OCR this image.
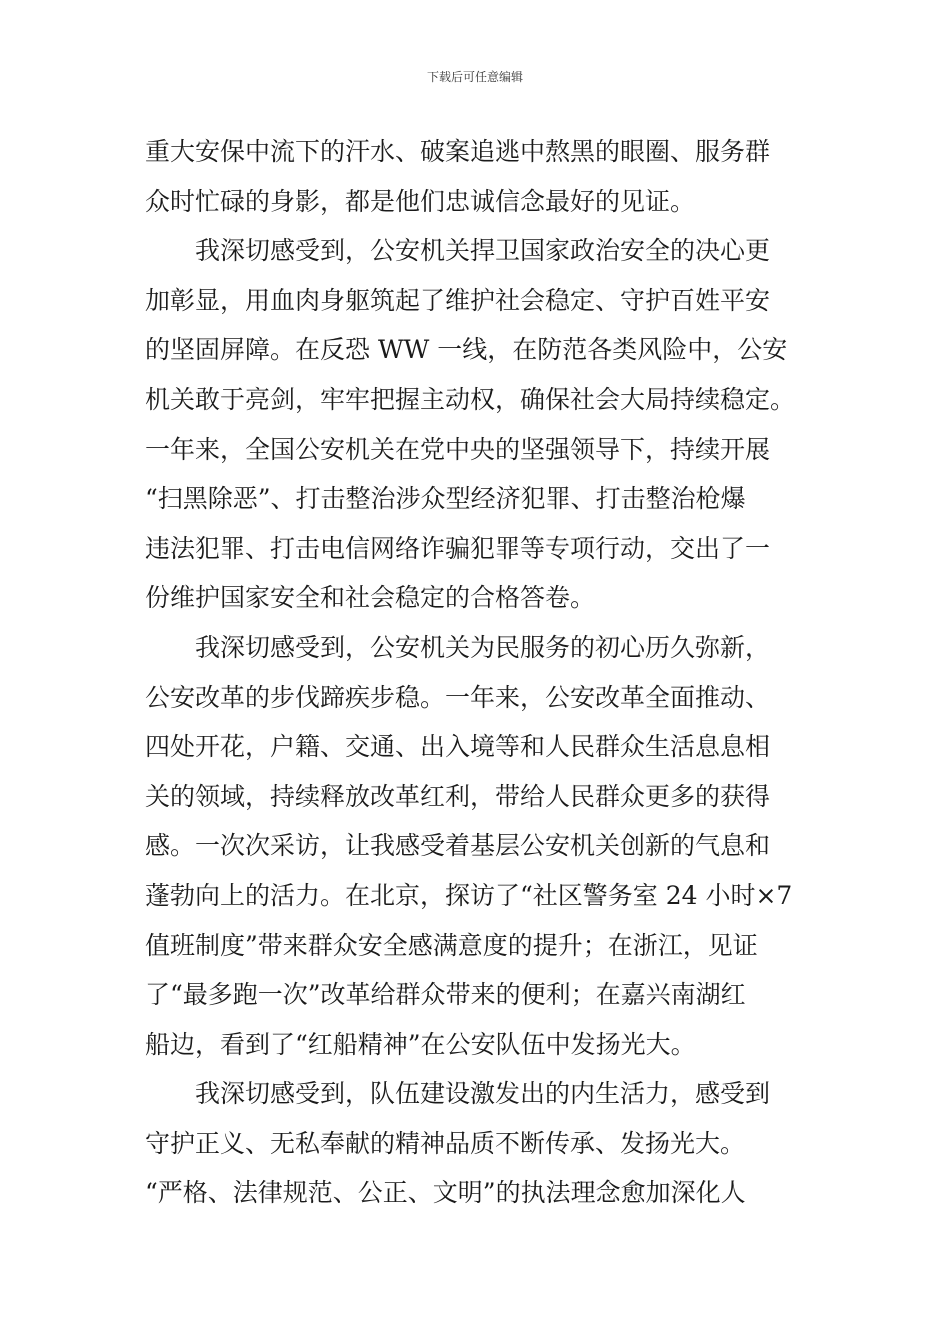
下载后可任意编辑
重大安保中流下的汗水、破案追逃中熬黑的眼圈、服务群
众时忙碌的身影，都是他们忠诚信念最好的见证。
我深切感受到，公安机关捍卫国家政治安全的决心更
加彰显，用血肉身躯筑起了维护社会稳定、守护百姓平安
的坚固屏障。在反恐 WW 一线，在防范各类风险中，公安
机关敢于亮剑，牢牢把握主动权，确保社会大局持续稳定。
一年来，全国公安机关在党中央的坚强领导下，持续开展
“扫黑除恶”、打击整治涉众型经济犯罪、打击整治枪爆
违法犯罪、打击电信网络诈骗犯罪等专项行动，交出了一
份维护国家安全和社会稳定的合格答卷。
我深切感受到，公安机关为民服务的初心历久弥新，
公安改革的步伐蹄疾步稳。一年来，公安改革全面推动、
四处开花，户籍、交通、出入境等和人民群众生活息息相
关的领域，持续释放改革红利，带给人民群众更多的获得
感。一次次采访，让我感受着基层公安机关创新的气息和
蓬勃向上的活力。在北京，探访了“社区警务室 24 小时×7
值班制度”带来群众安全感满意度的提升；在浙江，见证
了“最多跑一次”改革给群众带来的便利；在嘉兴南湖红
船边，看到了“红船精神”在公安队伍中发扬光大。
我深切感受到，队伍建设激发出的内生活力，感受到
守护正义、无私奉献的精神品质不断传承、发扬光大。
“严格、法律规范、公正、文明”的执法理念愈加深化人
